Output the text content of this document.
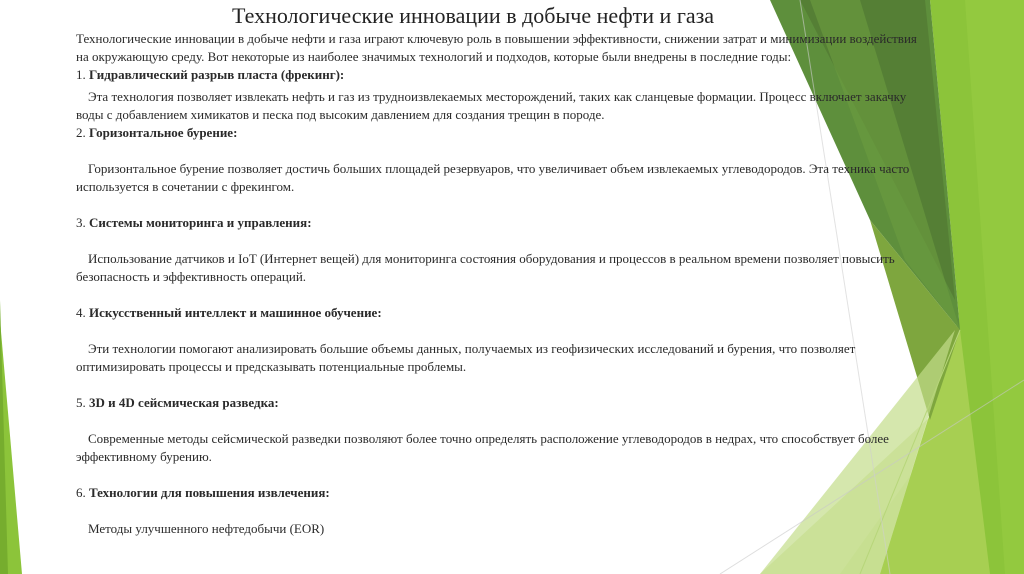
Технологические инновации в добыче нефти и газа

Технологические инновации в добыче нефти и газа играют ключевую роль в повышении эффективности, снижении затрат и минимизации воздействия на окружающую среду. Вот некоторые из наиболее значимых технологий и подходов, которые были внедрены в последние годы:

1. Гидравлический разрыв пласта (фрекинг):

Эта технология позволяет извлекать нефть и газ из трудноизвлекаемых месторождений, таких как сланцевые формации. Процесс включает закачку воды с добавлением химикатов и песка под высоким давлением для создания трещин в породе.

2. Горизонтальное бурение:

Горизонтальное бурение позволяет достичь больших площадей резервуаров, что увеличивает объем извлекаемых углеводородов. Эта техника часто используется в сочетании с фрекингом.

3. Системы мониторинга и управления:

Использование датчиков и IoT (Интернет вещей) для мониторинга состояния оборудования и процессов в реальном времени позволяет повысить безопасность и эффективность операций.

4. Искусственный интеллект и машинное обучение:

Эти технологии помогают анализировать большие объемы данных, получаемых из геофизических исследований и бурения, что позволяет оптимизировать процессы и предсказывать потенциальные проблемы.

5. 3D и 4D сейсмическая разведка:

Современные методы сейсмической разведки позволяют более точно определять расположение углеводородов в недрах, что способствует более эффективному бурению.

6. Технологии для повышения извлечения:

Методы улучшенного нефтедобычи (EOR)
